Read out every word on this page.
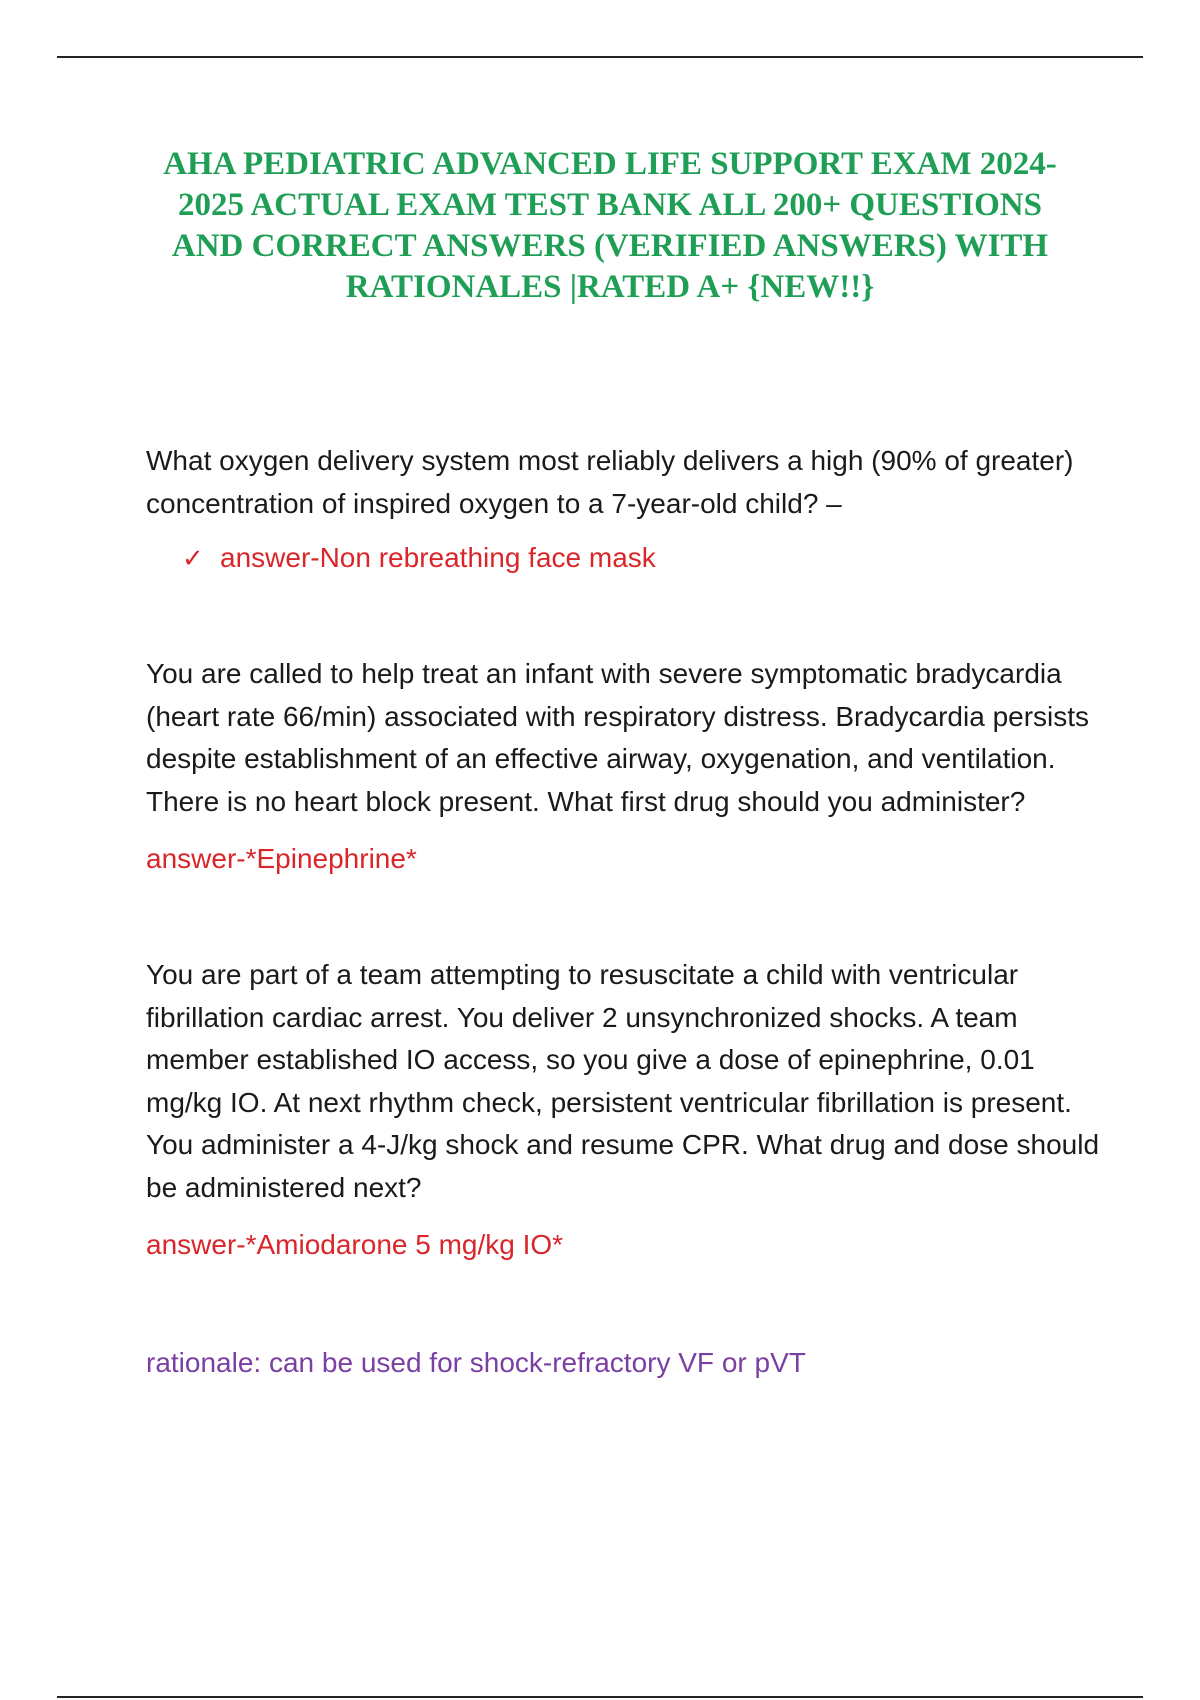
AHA PEDIATRIC ADVANCED LIFE SUPPORT EXAM 2024-2025 ACTUAL EXAM TEST BANK ALL 200+ QUESTIONS AND CORRECT ANSWERS (VERIFIED ANSWERS) WITH RATIONALES |RATED A+ {NEW!!}

What oxygen delivery system most reliably delivers a high (90% of greater) concentration of inspired oxygen to a 7-year-old child? –

✓ answer-Non rebreathing face mask

You are called to help treat an infant with severe symptomatic bradycardia (heart rate 66/min) associated with respiratory distress. Bradycardia persists despite establishment of an effective airway, oxygenation, and ventilation. There is no heart block present. What first drug should you administer?

answer-*Epinephrine*

You are part of a team attempting to resuscitate a child with ventricular fibrillation cardiac arrest. You deliver 2 unsynchronized shocks. A team member established IO access, so you give a dose of epinephrine, 0.01 mg/kg IO. At next rhythm check, persistent ventricular fibrillation is present. You administer a 4-J/kg shock and resume CPR. What drug and dose should be administered next?

answer-*Amiodarone 5 mg/kg IO*

rationale: can be used for shock-refractory VF or pVT
